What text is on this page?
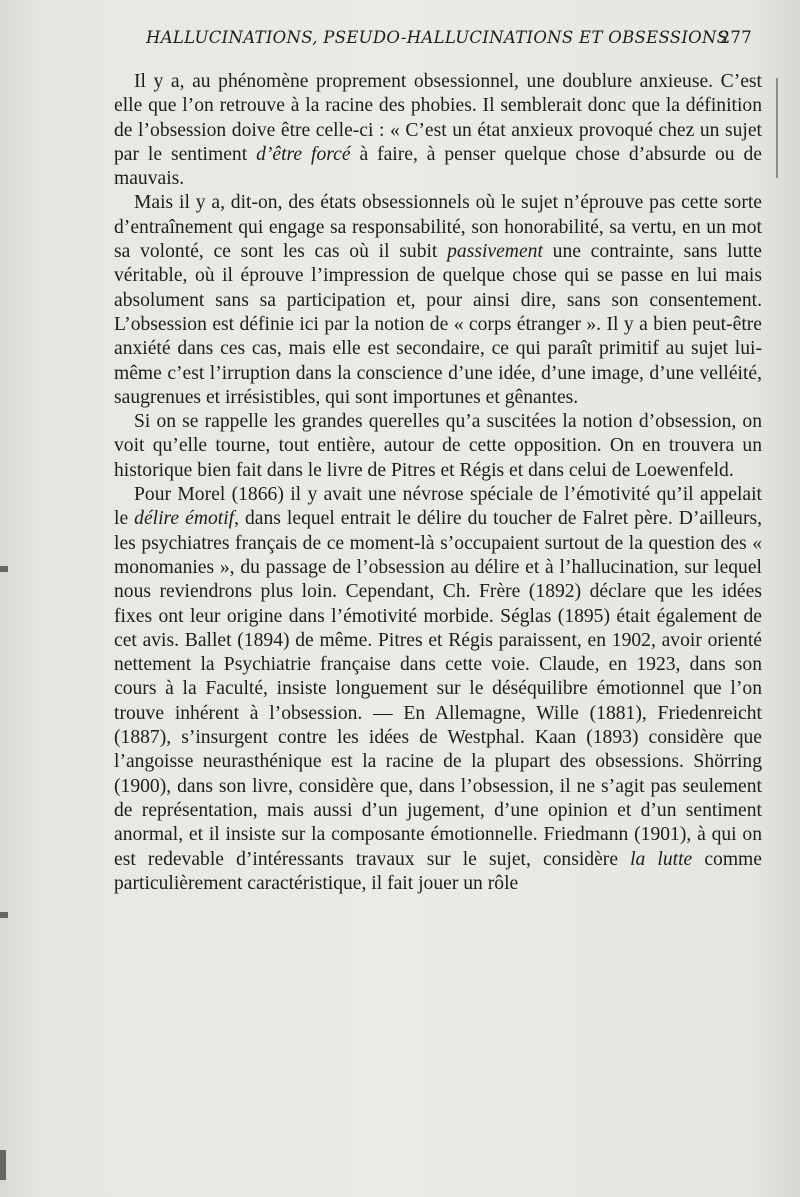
HALLUCINATIONS, PSEUDO-HALLUCINATIONS ET OBSESSIONS
277

Il y a, au phénomène proprement obsessionnel, une doublure anxieuse. C’est elle que l’on retrouve à la racine des phobies. Il semblerait donc que la définition de l’obsession doive être celle-ci : « C’est un état anxieux provoqué chez un sujet par le sentiment d’être forcé à faire, à penser quelque chose d’absurde ou de mauvais.

Mais il y a, dit-on, des états obsessionnels où le sujet n’éprouve pas cette sorte d’entraînement qui engage sa responsabilité, son honorabilité, sa vertu, en un mot sa volonté, ce sont les cas où il subit passivement une contrainte, sans lutte véritable, où il éprouve l’impression de quelque chose qui se passe en lui mais absolument sans sa participation et, pour ainsi dire, sans son consentement. L’obsession est définie ici par la notion de « corps étranger ». Il y a bien peut-être anxiété dans ces cas, mais elle est secondaire, ce qui paraît primitif au sujet lui-même c’est l’irruption dans la conscience d’une idée, d’une image, d’une velléité, saugrenues et irrésistibles, qui sont importunes et gênantes.

Si on se rappelle les grandes querelles qu’a suscitées la notion d’obsession, on voit qu’elle tourne, tout entière, autour de cette opposition. On en trouvera un historique bien fait dans le livre de Pitres et Régis et dans celui de Loewenfeld.

Pour Morel (1866) il y avait une névrose spéciale de l’émotivité qu’il appelait le délire émotif, dans lequel entrait le délire du toucher de Falret père. D’ailleurs, les psychiatres français de ce moment-là s’occupaient surtout de la question des « monomanies », du passage de l’obsession au délire et à l’hallucination, sur lequel nous reviendrons plus loin. Cependant, Ch. Frère (1892) déclare que les idées fixes ont leur origine dans l’émotivité morbide. Séglas (1895) était également de cet avis. Ballet (1894) de même. Pitres et Régis paraissent, en 1902, avoir orienté nettement la Psychiatrie française dans cette voie. Claude, en 1923, dans son cours à la Faculté, insiste longuement sur le déséquilibre émotionnel que l’on trouve inhérent à l’obsession. — En Allemagne, Wille (1881), Friedenreicht (1887), s’insurgent contre les idées de Westphal. Kaan (1893) considère que l’angoisse neurasthénique est la racine de la plupart des obsessions. Shörring (1900), dans son livre, considère que, dans l’obsession, il ne s’agit pas seulement de représentation, mais aussi d’un jugement, d’une opinion et d’un sentiment anormal, et il insiste sur la composante émotionnelle. Friedmann (1901), à qui on est redevable d’intéressants travaux sur le sujet, considère la lutte comme particulièrement caractéristique, il fait jouer un rôle
